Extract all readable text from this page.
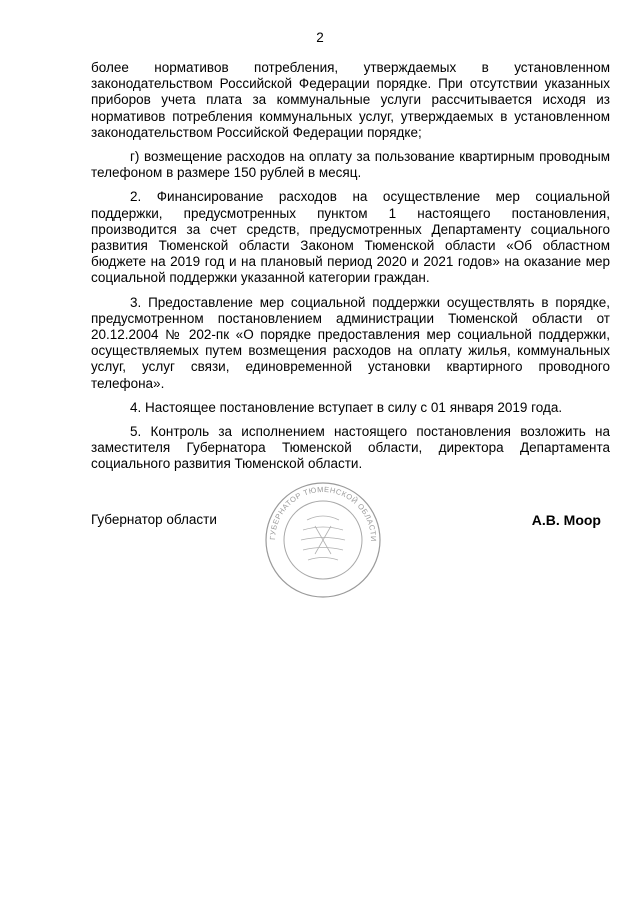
2

более нормативов потребления, утверждаемых в установленном законодательством Российской Федерации порядке. При отсутствии указанных приборов учета плата за коммунальные услуги рассчитывается исходя из нормативов потребления коммунальных услуг, утверждаемых в установленном законодательством Российской Федерации порядке;

г) возмещение расходов на оплату за пользование квартирным проводным телефоном в размере 150 рублей в месяц.

2. Финансирование расходов на осуществление мер социальной поддержки, предусмотренных пунктом 1 настоящего постановления, производится за счет средств, предусмотренных Департаменту социального развития Тюменской области Законом Тюменской области «Об областном бюджете на 2019 год и на плановый период 2020 и 2021 годов» на оказание мер социальной поддержки указанной категории граждан.

3. Предоставление мер социальной поддержки осуществлять в порядке, предусмотренном постановлением администрации Тюменской области от 20.12.2004 № 202-пк «О порядке предоставления мер социальной поддержки, осуществляемых путем возмещения расходов на оплату жилья, коммунальных услуг, услуг связи, единовременной установки квартирного проводного телефона».

4. Настоящее постановление вступает в силу с 01 января 2019 года.

5. Контроль за исполнением настоящего постановления возложить на заместителя Губернатора Тюменской области, директора Департамента социального развития Тюменской области.

Губернатор области
ГУБЕРНАТОР ТЮМЕНСКОЙ ОБЛАСТИ
А.В. Моор
